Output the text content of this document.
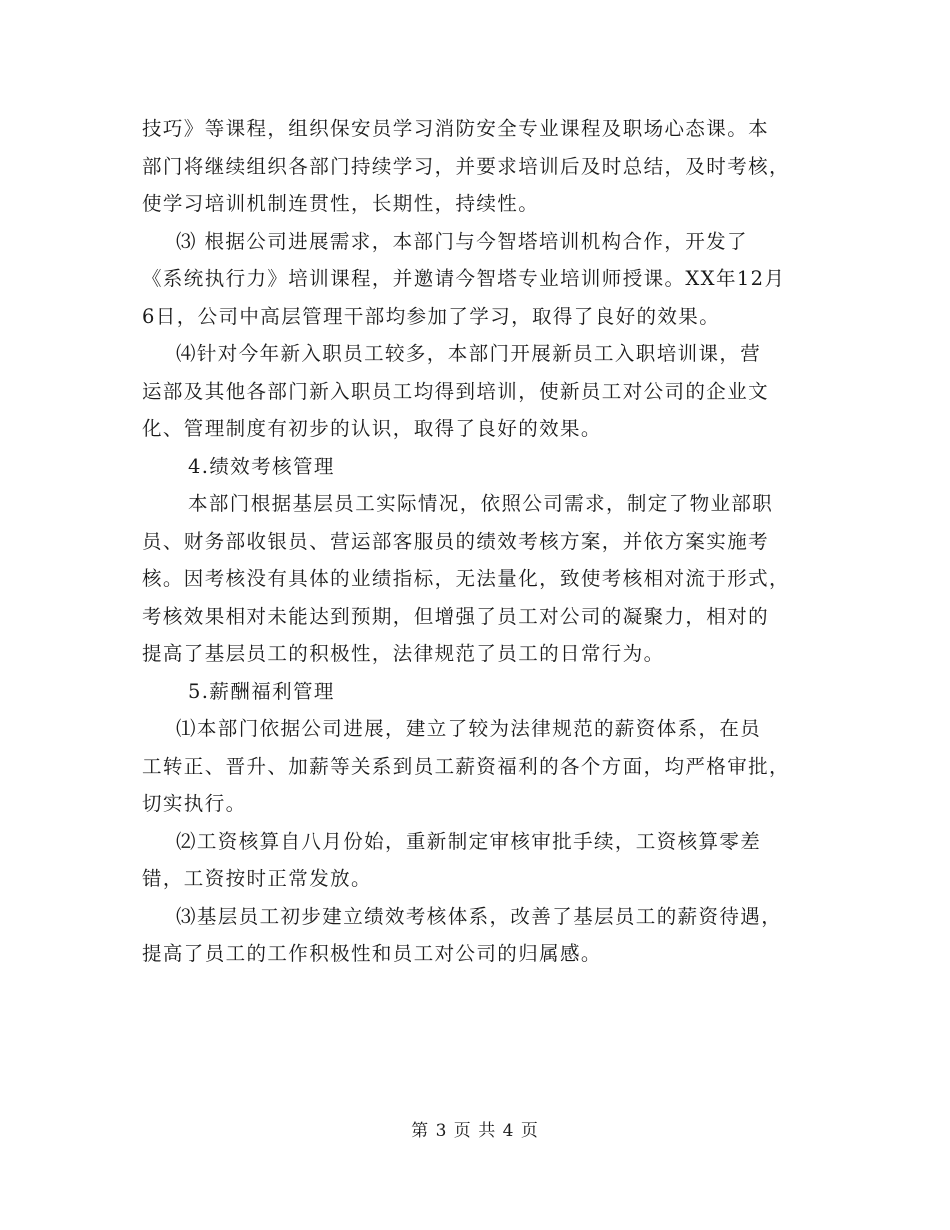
技巧》等课程，组织保安员学习消防安全专业课程及职场心态课。本
部门将继续组织各部门持续学习，并要求培训后及时总结，及时考核，
使学习培训机制连贯性，长期性，持续性。
⑶ 根据公司进展需求，本部门与今智塔培训机构合作，开发了
《系统执行力》培训课程，并邀请今智塔专业培训师授课。XX年12月
6日，公司中高层管理干部均参加了学习，取得了良好的效果。
⑷针对今年新入职员工较多，本部门开展新员工入职培训课，营
运部及其他各部门新入职员工均得到培训，使新员工对公司的企业文
化、管理制度有初步的认识，取得了良好的效果。
4.绩效考核管理
本部门根据基层员工实际情况，依照公司需求，制定了物业部职
员、财务部收银员、营运部客服员的绩效考核方案，并依方案实施考
核。因考核没有具体的业绩指标，无法量化，致使考核相对流于形式，
考核效果相对未能达到预期，但增强了员工对公司的凝聚力，相对的
提高了基层员工的积极性，法律规范了员工的日常行为。
5.薪酬福利管理
⑴本部门依据公司进展，建立了较为法律规范的薪资体系，在员
工转正、晋升、加薪等关系到员工薪资福利的各个方面，均严格审批，
切实执行。
⑵工资核算自八月份始，重新制定审核审批手续，工资核算零差
错，工资按时正常发放。
⑶基层员工初步建立绩效考核体系，改善了基层员工的薪资待遇，
提高了员工的工作积极性和员工对公司的归属感。
第 3 页 共 4 页
